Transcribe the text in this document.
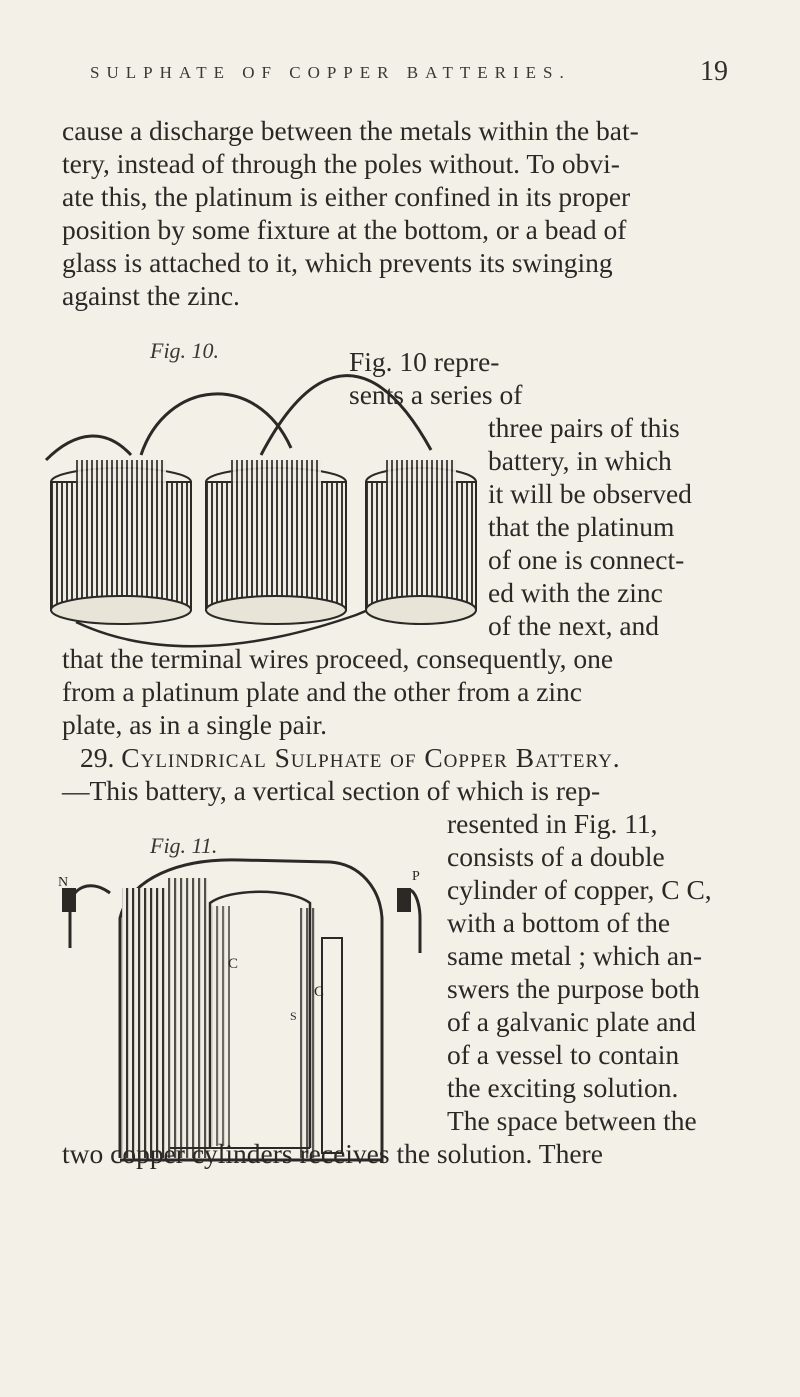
SULPHATE OF COPPER BATTERIES.	19
cause a discharge between the metals within the bat-
tery, instead of through the poles without. To obvi-
ate this, the platinum is either confined in its proper
position by some fixture at the bottom, or a bead of
glass is attached to it, which prevents its swinging
against the zinc.
Fig. 10.	Fig. 10 repre-
sents a series of
three pairs of this
battery, in which
it will be observed
that the platinum
of one is connect-
ed with the zinc
of the next, and
that the terminal wires proceed, consequently, one
from a platinum plate and the other from a zinc
plate, as in a single pair.
29. Cylindrical Sulphate of Copper Battery.
—This battery, a vertical section of which is rep-
Fig. 11.
N	P
C
C
S
resented in Fig. 11,
consists of a double
cylinder of copper, C C,
with a bottom of the
same metal ; which an-
swers the purpose both
of a galvanic plate and
of a vessel to contain
the exciting solution.
The space between the
two copper cylinders receives the solution. There
